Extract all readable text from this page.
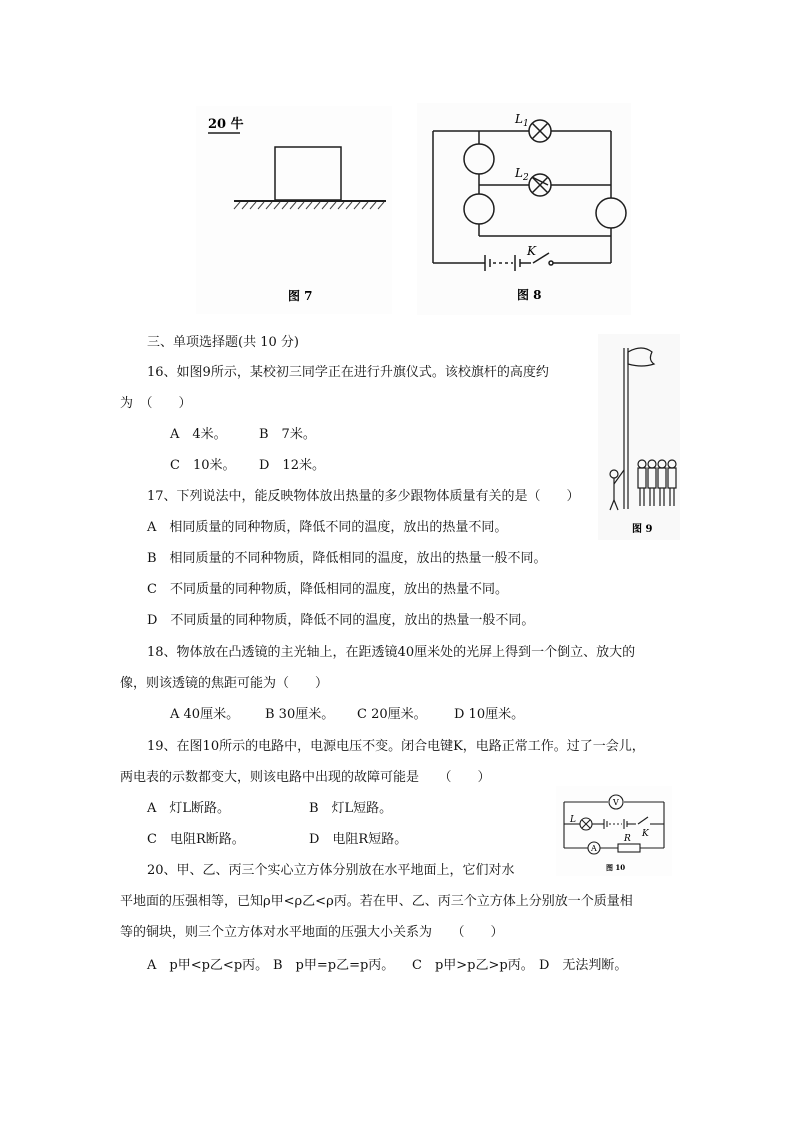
20 牛
图 7
$L_1$
$L_2$
K
图 8
图 9
V
A
L
K
R
图 10
三、单项选择题(共 10 分)
16、如图9所示，某校初三同学正在进行升旗仪式。该校旗杆的高度约
为　（　　）
A　4米。 B　7米。
C　10米。 D　12米。
17、下列说法中，能反映物体放出热量的多少跟物体质量有关的是（　　）
A　相同质量的同种物质，降低不同的温度，放出的热量不同。
B　相同质量的不同种物质，降低相同的温度，放出的热量一般不同。
C　不同质量的同种物质，降低相同的温度，放出的热量不同。
D　不同质量的同种物质，降低不同的温度，放出的热量一般不同。
18、物体放在凸透镜的主光轴上，在距透镜40厘米处的光屏上得到一个倒立、放大的
像，则该透镜的焦距可能为（　　）
A 40厘米。 B 30厘米。 C 20厘米。 D 10厘米。
19、在图10所示的电路中，电源电压不变。闭合电键K，电路正常工作。过了一会儿，
两电表的示数都变大，则该电路中出现的故障可能是　　（　　）
A　灯L断路。	B　灯L短路。
C　电阻R断路。	D　电阻R短路。
20、甲、乙、丙三个实心立方体分别放在水平地面上，它们对水
平地面的压强相等，已知ρ甲<ρ乙<ρ丙。若在甲、乙、丙三个立方体上分别放一个质量相
等的铜块，则三个立方体对水平地面的压强大小关系为　　（　　）
A　p甲<p乙<p丙。 B　p甲=p乙=p丙。 C　p甲>p乙>p丙。 D　无法判断。
